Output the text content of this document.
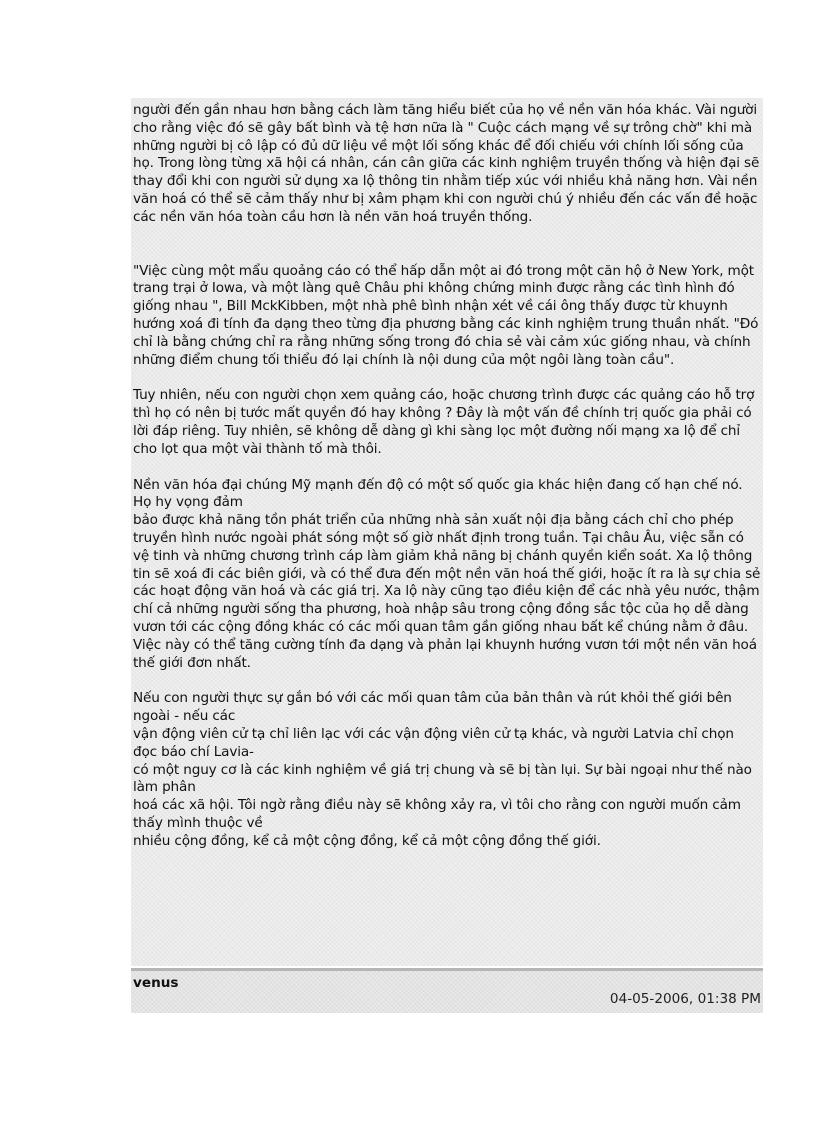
người đến gần nhau hơn bằng cách làm tăng hiểu biết của họ về nền văn hóa khác. Vài người cho rằng việc đó sẽ gây bất bình và tệ hơn nữa là " Cuộc cách mạng về sự trông chờ" khi mà những người bị cô lập có đủ dữ liệu về một lối sống khác để đối chiếu với chính lối sống của họ. Trong lòng từng xã hội cá nhân, cán cân giữa các kinh nghiệm truyền thống và hiện đại sẽ thay đổi khi con người sử dụng xa lộ thông tin nhằm tiếp xúc với nhiều khả năng hơn. Vài nền văn hoá có thể sẽ cảm thấy như bị xâm phạm khi con người chú ý nhiều đến các vấn đề hoặc các nền văn hóa toàn cầu hơn là nền văn hoá truyền thống.

"Việc cùng một mẩu quoảng cáo có thể hấp dẫn một ai đó trong một căn hộ ở New York, một trang trại ở Iowa, và một làng quê Châu phi không chứng minh được rằng các tình hình đó giống nhau ", Bill MckKibben, một nhà phê bình nhận xét về cái ông thấy được từ khuynh hướng xoá đi tính đa dạng theo từng địa phương bằng các kinh nghiệm trung thuần nhất. "Đó chỉ là bằng chứng chỉ ra rằng những sống trong đó chia sẻ vài cảm xúc giống nhau, và chính những điểm chung tối thiểu đó lại chính là nội dung của một ngôi làng toàn cầu".

Tuy nhiên, nếu con người chọn xem quảng cáo, hoặc chương trình được các quảng cáo hỗ trợ thì họ có nên bị tước mất quyền đó hay không ? Đây là một vấn đề chính trị quốc gia phải có lời đáp riêng. Tuy nhiên, sẽ không dễ dàng gì khi sàng lọc một đường nối mạng xa lộ để chỉ cho lọt qua một vài thành tố mà thôi.

Nền văn hóa đại chúng Mỹ mạnh đến độ có một số quốc gia khác hiện đang cố hạn chế nó. Họ hy vọng đảm
bảo được khả năng tồn phát triển của những nhà sản xuất nội địa bằng cách chỉ cho phép truyền hình nước ngoài phát sóng một số giờ nhất định trong tuần. Tại châu Âu, việc sẵn có vệ tinh và những chương trình cáp làm giảm khả năng bị chánh quyền kiển soát. Xa lộ thông tin sẽ xoá đi các biên giới, và có thể đưa đến một nền văn hoá thế giới, hoặc ít ra là sự chia sẻ các hoạt động văn hoá và các giá trị. Xa lộ này cũng tạo điều kiện để các nhà yêu nước, thậm chí cả những người sống tha phương, hoà nhập sâu trong cộng đồng sắc tộc của họ dễ dàng vươn tới các cộng đồng khác có các mối quan tâm gần giống nhau bất kể chúng nằm ở đâu. Việc này có thể tăng cường tính đa dạng và phản lại khuynh hướng vươn tới một nền văn hoá thế giới đơn nhất.

Nếu con người thực sự gắn bó với các mối quan tâm của bản thân và rút khỏi thế giới bên ngoài - nếu các
vận động viên cử tạ chỉ liên lạc với các vận động viên cử tạ khác, và người Latvia chỉ chọn đọc báo chí Lavia-
có một nguy cơ là các kinh nghiệm về giá trị chung và sẽ bị tàn lụi. Sự bài ngoại như thế nào làm phân
hoá các xã hội. Tôi ngờ rằng điều này sẽ không xảy ra, vì tôi cho rằng con người muốn cảm thấy mình thuộc về
nhiều cộng đồng, kể cả một cộng đồng, kể cả một cộng đồng thế giới.

venus
04-05-2006, 01:38 PM
